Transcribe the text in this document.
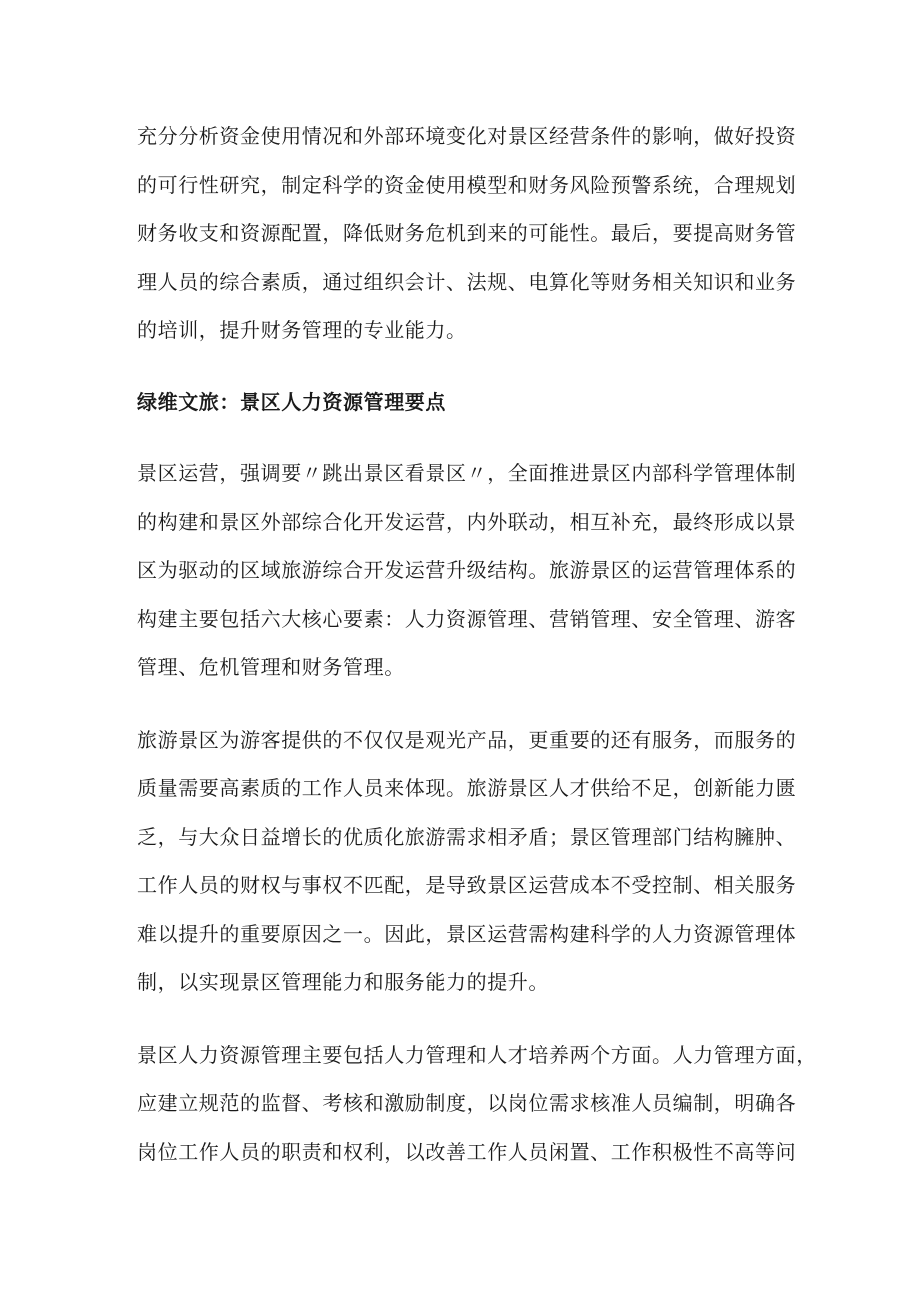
充分分析资金使用情况和外部环境变化对景区经营条件的影响，做好投资
的可行性研究，制定科学的资金使用模型和财务风险预警系统，合理规划
财务收支和资源配置，降低财务危机到来的可能性。最后，要提高财务管
理人员的综合素质，通过组织会计、法规、电算化等财务相关知识和业务
的培训，提升财务管理的专业能力。

绿维文旅：景区人力资源管理要点

景区运营，强调要〃跳出景区看景区〃，全面推进景区内部科学管理体制
的构建和景区外部综合化开发运营，内外联动，相互补充，最终形成以景
区为驱动的区域旅游综合开发运营升级结构。旅游景区的运营管理体系的
构建主要包括六大核心要素：人力资源管理、营销管理、安全管理、游客
管理、危机管理和财务管理。

旅游景区为游客提供的不仅仅是观光产品，更重要的还有服务，而服务的
质量需要高素质的工作人员来体现。旅游景区人才供给不足，创新能力匮
乏，与大众日益增长的优质化旅游需求相矛盾；景区管理部门结构臃肿、
工作人员的财权与事权不匹配，是导致景区运营成本不受控制、相关服务
难以提升的重要原因之一。因此，景区运营需构建科学的人力资源管理体
制，以实现景区管理能力和服务能力的提升。

景区人力资源管理主要包括人力管理和人才培养两个方面。人力管理方面，
应建立规范的监督、考核和激励制度，以岗位需求核准人员编制，明确各
岗位工作人员的职责和权利，以改善工作人员闲置、工作积极性不高等问
